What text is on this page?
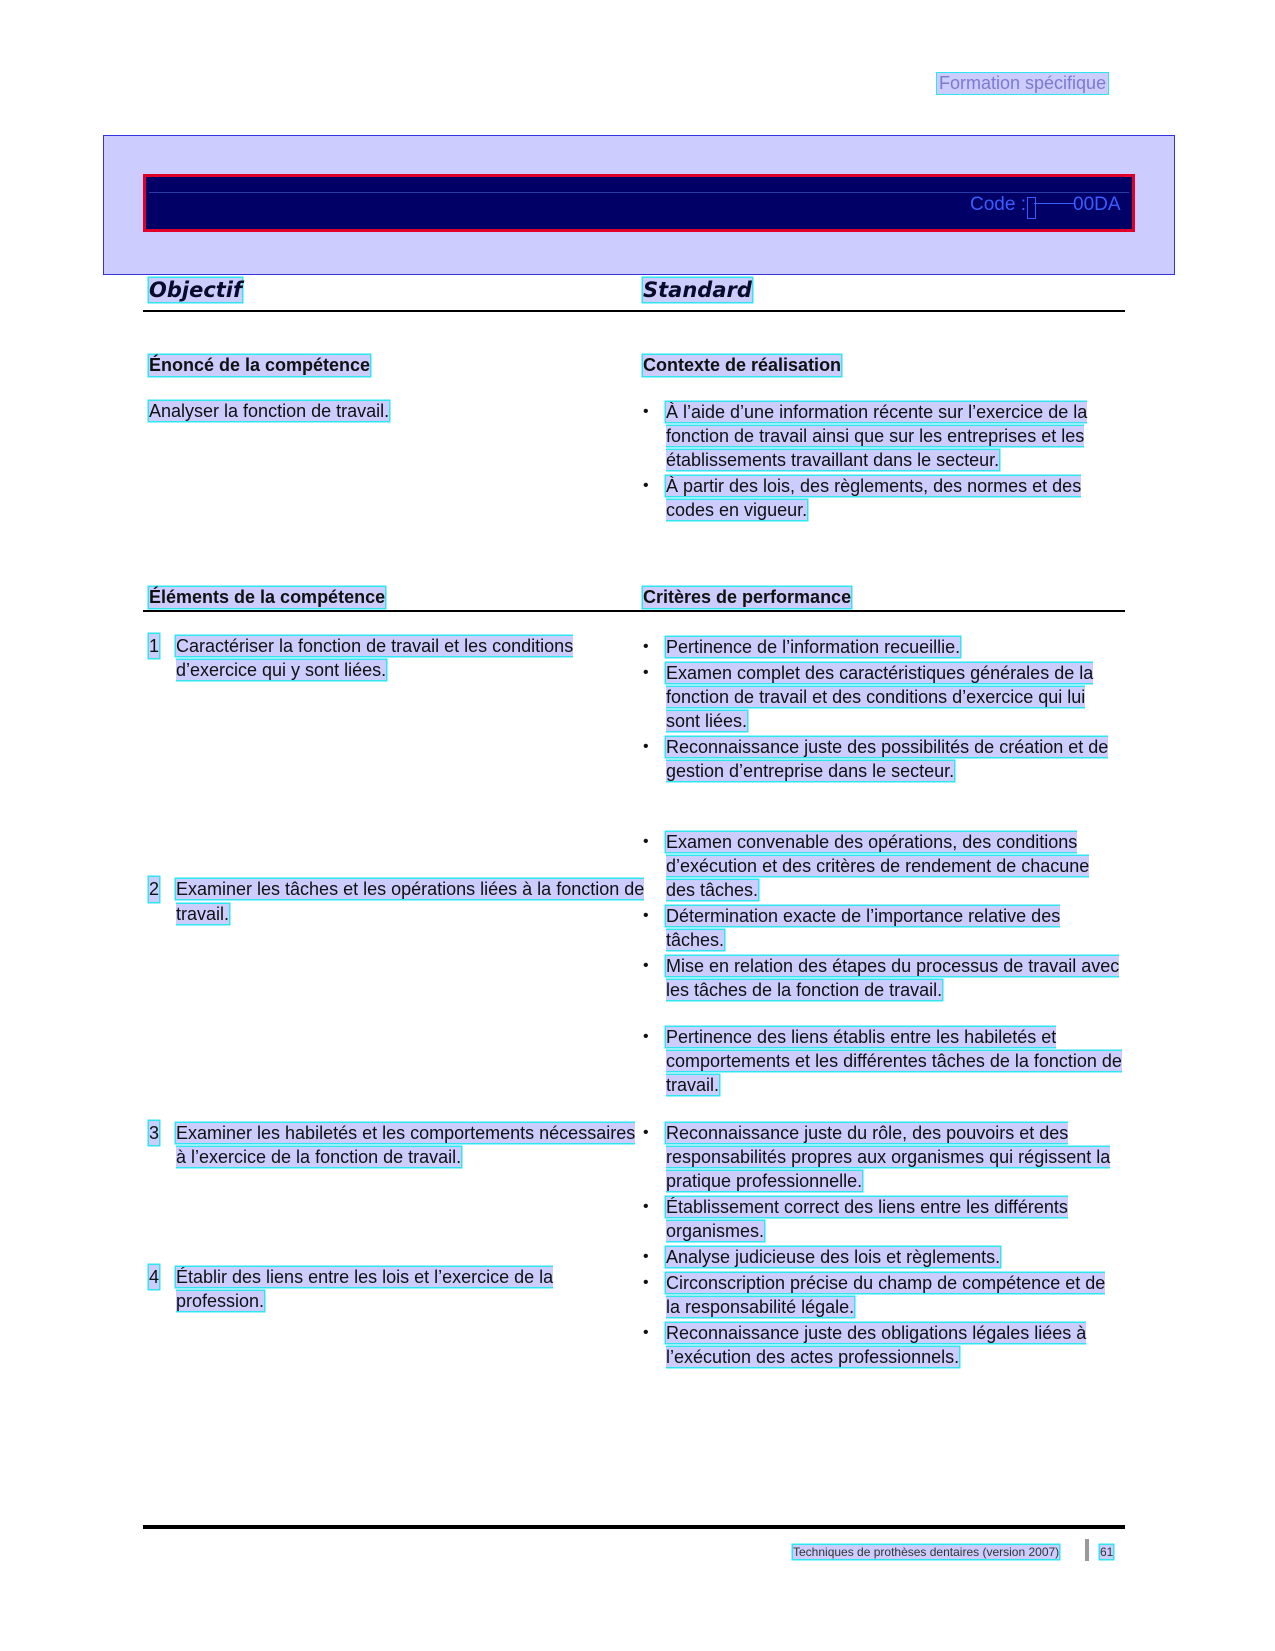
Formation spécifique
Code : 00DA
Objectif	Standard
Énoncé de la compétence	Contexte de réalisation
Analyser la fonction de travail.
•	À l’aide d’une information récente sur l’exercice de la fonction de travail ainsi que sur les entreprises et les établissements travaillant dans le secteur.
• À partir des lois, des règlements, des normes et des codes en vigueur.
Éléments de la compétence	Critères de performance
1 Caractériser la fonction de travail et les conditions d’exercice qui y sont liées.
• Pertinence de l’information recueillie.
• Examen complet des caractéristiques générales de la fonction de travail et des conditions d’exercice qui lui sont liées.
• Reconnaissance juste des possibilités de création et de gestion d’entreprise dans le secteur.
2 Examiner les tâches et les opérations liées à la fonction de travail.
• Examen convenable des opérations, des conditions d’exécution et des critères de rendement de chacune des tâches.
• Détermination exacte de l’importance relative des tâches.
• Mise en relation des étapes du processus de travail avec les tâches de la fonction de travail.
3 Examiner les habiletés et les comportements nécessaires à l’exercice de la fonction de travail.
• Pertinence des liens établis entre les habiletés et comportements et les différentes tâches de la fonction de travail.
4 Établir des liens entre les lois et l’exercice de la profession.
• Reconnaissance juste du rôle, des pouvoirs et des responsabilités propres aux organismes qui régissent la pratique professionnelle.
• Établissement correct des liens entre les différents organismes.
• Analyse judicieuse des lois et règlements.
• Circonscription précise du champ de compétence et de la responsabilité légale.
• Reconnaissance juste des obligations légales liées à l’exécution des actes professionnels.
Techniques de prothèses dentaires (version 2007)	61
